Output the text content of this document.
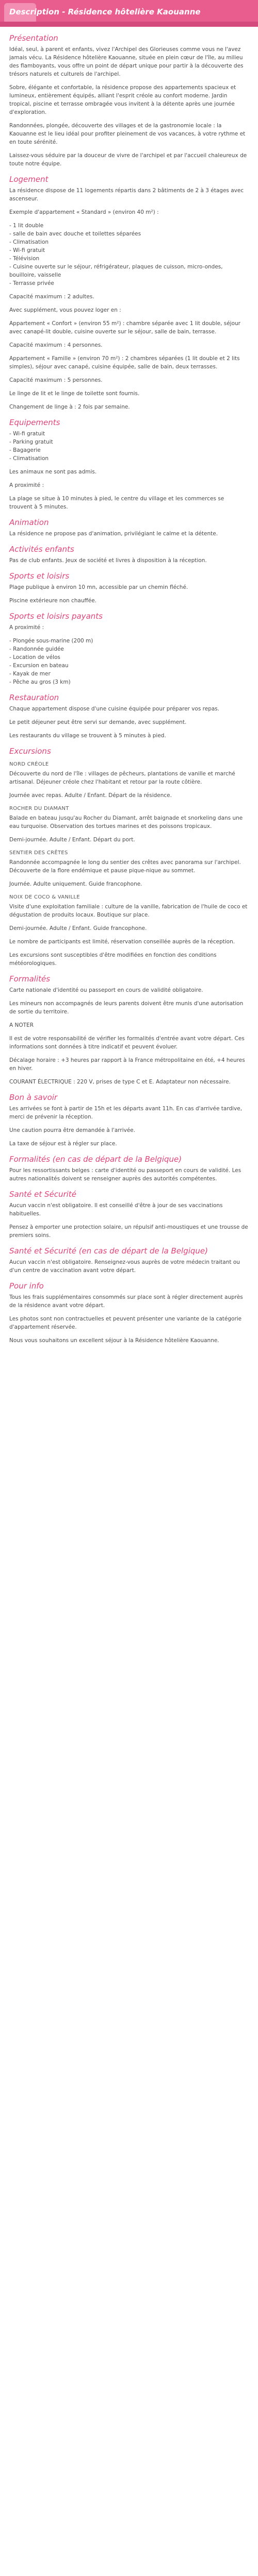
Description - Résidence hôtelière Kaouanne
Présentation

Idéal, seul, à parent et enfants, vivez l'Archipel des Glorieuses comme vous ne l'avez jamais vécu. La Résidence hôtelière Kaouanne, située en plein cœur de l'île, au milieu des flamboyants, vous offre un point de départ unique pour partir à la découverte des trésors naturels et culturels de l'archipel.

Sobre, élégante et confortable, la résidence propose des appartements spacieux et lumineux, entièrement équipés, alliant l'esprit créole au confort moderne. Jardin tropical, piscine et terrasse ombragée vous invitent à la détente après une journée d'exploration.

Randonnées, plongée, découverte des villages et de la gastronomie locale : la Kaouanne est le lieu idéal pour profiter pleinement de vos vacances, à votre rythme et en toute sérénité.

Laissez-vous séduire par la douceur de vivre de l'archipel et par l'accueil chaleureux de toute notre équipe.

Logement

La résidence dispose de 11 logements répartis dans 2 bâtiments de 2 à 3 étages avec ascenseur.

Exemple d'appartement « Standard » (environ 40 m²) :

- 1 lit double
- salle de bain avec douche et toilettes séparées
- Climatisation
- Wi-fi gratuit
- Télévision
- Cuisine ouverte sur le séjour, réfrigérateur, plaques de cuisson, micro-ondes, bouilloire, vaisselle
- Terrasse privée

Capacité maximum : 2 adultes.

Avec supplément, vous pouvez loger en :

Appartement « Confort » (environ 55 m²) : chambre séparée avec 1 lit double, séjour avec canapé-lit double, cuisine ouverte sur le séjour, salle de bain, terrasse.

Capacité maximum : 4 personnes.

Appartement « Famille » (environ 70 m²) : 2 chambres séparées (1 lit double et 2 lits simples), séjour avec canapé, cuisine équipée, salle de bain, deux terrasses.

Capacité maximum : 5 personnes.

Le linge de lit et le linge de toilette sont fournis.

Changement de linge à : 2 fois par semaine.

Equipements
- Wi-fi gratuit
- Parking gratuit
- Bagagerie
- Climatisation

Les animaux ne sont pas admis.

A proximité :

La plage se situe à 10 minutes à pied, le centre du village et les commerces se trouvent à 5 minutes.

Animation

La résidence ne propose pas d'animation, privilégiant le calme et la détente.

Activités enfants

Pas de club enfants. Jeux de société et livres à disposition à la réception.

Sports et loisirs

Plage publique à environ 10 mn, accessible par un chemin fléché.

Piscine extérieure non chauffée.

Sports et loisirs payants

A proximité :

- Plongée sous-marine (200 m)
- Randonnée guidée
- Location de vélos
- Excursion en bateau
- Kayak de mer
- Pêche au gros (3 km)
Restauration

Chaque appartement dispose d'une cuisine équipée pour préparer vos repas.

Le petit déjeuner peut être servi sur demande, avec supplément.

Les restaurants du village se trouvent à 5 minutes à pied.

Excursions
NORD CRÉOLE

Découverte du nord de l'île : villages de pêcheurs, plantations de vanille et marché artisanal. Déjeuner créole chez l'habitant et retour par la route côtière.

Journée avec repas. Adulte / Enfant. Départ de la résidence.

ROCHER DU DIAMANT

Balade en bateau jusqu'au Rocher du Diamant, arrêt baignade et snorkeling dans une eau turquoise. Observation des tortues marines et des poissons tropicaux.

Demi-journée. Adulte / Enfant. Départ du port.

SENTIER DES CRÊTES

Randonnée accompagnée le long du sentier des crêtes avec panorama sur l'archipel. Découverte de la flore endémique et pause pique-nique au sommet.

Journée. Adulte uniquement. Guide francophone.

NOIX DE COCO & VANILLE

Visite d'une exploitation familiale : culture de la vanille, fabrication de l'huile de coco et dégustation de produits locaux. Boutique sur place.

Demi-journée. Adulte / Enfant. Guide francophone.

Le nombre de participants est limité, réservation conseillée auprès de la réception.

Les excursions sont susceptibles d'être modifiées en fonction des conditions météorologiques.

Formalités

Carte nationale d'identité ou passeport en cours de validité obligatoire.

Les mineurs non accompagnés de leurs parents doivent être munis d'une autorisation de sortie du territoire.

A NOTER

Il est de votre responsabilité de vérifier les formalités d'entrée avant votre départ. Ces informations sont données à titre indicatif et peuvent évoluer.

Décalage horaire : +3 heures par rapport à la France métropolitaine en été, +4 heures en hiver.

COURANT ÉLECTRIQUE : 220 V, prises de type C et E. Adaptateur non nécessaire.

Bon à savoir

Les arrivées se font à partir de 15h et les départs avant 11h. En cas d'arrivée tardive, merci de prévenir la réception.

Une caution pourra être demandée à l'arrivée.

La taxe de séjour est à régler sur place.

Formalités (en cas de départ de la Belgique)

Pour les ressortissants belges : carte d'identité ou passeport en cours de validité. Les autres nationalités doivent se renseigner auprès des autorités compétentes.

Santé et Sécurité

Aucun vaccin n'est obligatoire. Il est conseillé d'être à jour de ses vaccinations habituelles.

Pensez à emporter une protection solaire, un répulsif anti-moustiques et une trousse de premiers soins.

Santé et Sécurité (en cas de départ de la Belgique)

Aucun vaccin n'est obligatoire. Renseignez-vous auprès de votre médecin traitant ou d'un centre de vaccination avant votre départ.

Pour info

Tous les frais supplémentaires consommés sur place sont à régler directement auprès de la résidence avant votre départ.

Les photos sont non contractuelles et peuvent présenter une variante de la catégorie d'appartement réservée.

Nous vous souhaitons un excellent séjour à la Résidence hôtelière Kaouanne.
